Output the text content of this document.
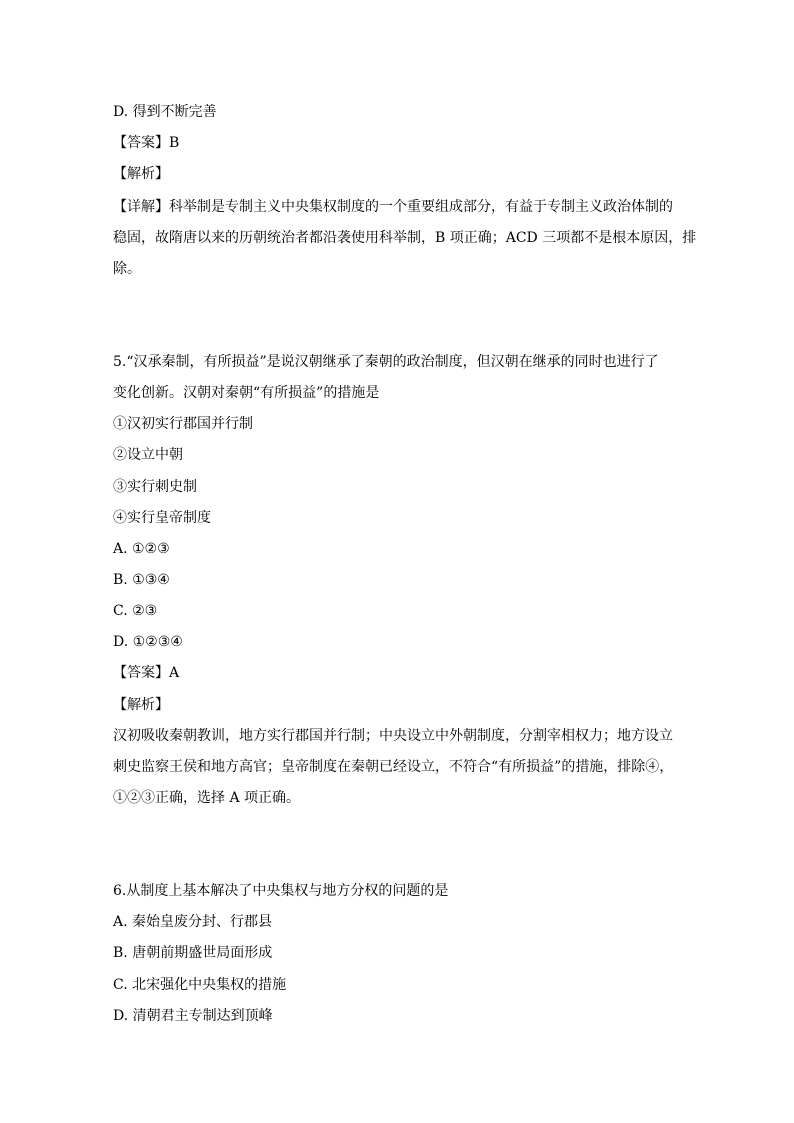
D. 得到不断完善
【答案】B
【解析】
【详解】科举制是专制主义中央集权制度的一个重要组成部分，有益于专制主义政治体制的
稳固，故隋唐以来的历朝统治者都沿袭使用科举制，B 项正确；ACD 三项都不是根本原因，排
除。
5.“汉承秦制，有所损益”是说汉朝继承了秦朝的政治制度，但汉朝在继承的同时也进行了
变化创新。汉朝对秦朝“有所损益”的措施是
①汉初实行郡国并行制
②设立中朝
③实行刺史制
④实行皇帝制度
A. ①②③
B. ①③④
C. ②③
D. ①②③④
【答案】A
【解析】
汉初吸收秦朝教训，地方实行郡国并行制；中央设立中外朝制度，分割宰相权力；地方设立
刺史监察王侯和地方高官；皇帝制度在秦朝已经设立，不符合“有所损益”的措施，排除④，
①②③正确，选择 A 项正确。
6.从制度上基本解决了中央集权与地方分权的问题的是
A. 秦始皇废分封、行郡县
B. 唐朝前期盛世局面形成
C. 北宋强化中央集权的措施
D. 清朝君主专制达到顶峰
